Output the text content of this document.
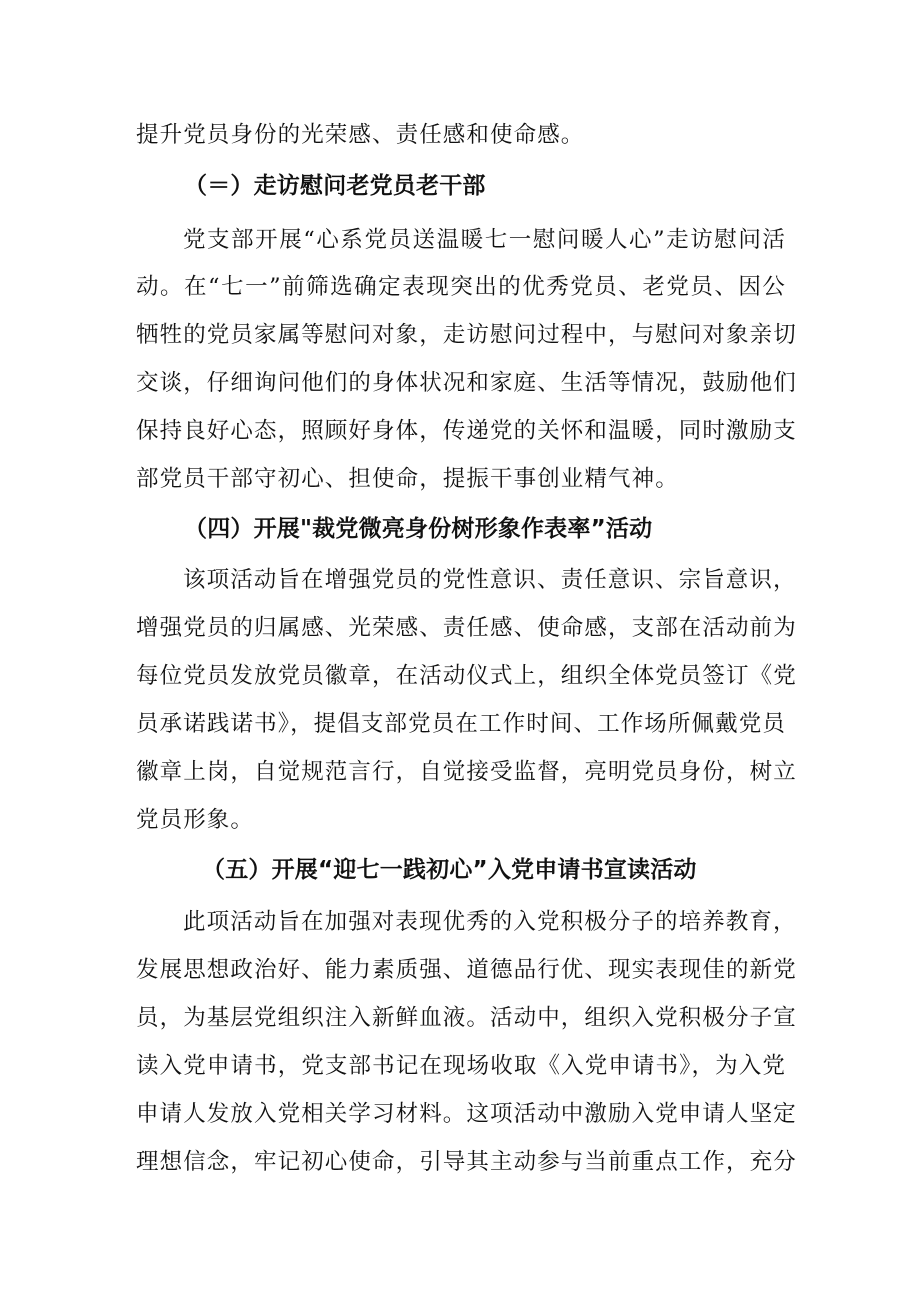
提升党员身份的光荣感、责任感和使命感。
（＝）走访慰问老党员老干部
党支部开展“心系党员送温暖七一慰问暖人心”走访慰问活
动。在“七一”前筛选确定表现突出的优秀党员、老党员、因公
牺牲的党员家属等慰问对象，走访慰问过程中，与慰问对象亲切
交谈，仔细询问他们的身体状况和家庭、生活等情况，鼓励他们
保持良好心态，照顾好身体，传递党的关怀和温暖，同时激励支
部党员干部守初心、担使命，提振干事创业精气神。
（四）开展"裁党微亮身份树形象作表率”活动
该项活动旨在增强党员的党性意识、责任意识、宗旨意识，
增强党员的归属感、光荣感、责任感、使命感，支部在活动前为
每位党员发放党员徽章，在活动仪式上，组织全体党员签订《党
员承诺践诺书》，提倡支部党员在工作时间、工作场所佩戴党员
徽章上岗，自觉规范言行，自觉接受监督，亮明党员身份，树立
党员形象。
（五）开展“迎七一践初心”入党申请书宣读活动
此项活动旨在加强对表现优秀的入党积极分子的培养教育，
发展思想政治好、能力素质强、道德品行优、现实表现佳的新党
员，为基层党组织注入新鲜血液。活动中，组织入党积极分子宣
读入党申请书，党支部书记在现场收取《入党申请书》，为入党
申请人发放入党相关学习材料。这项活动中激励入党申请人坚定
理想信念，牢记初心使命，引导其主动参与当前重点工作，充分
